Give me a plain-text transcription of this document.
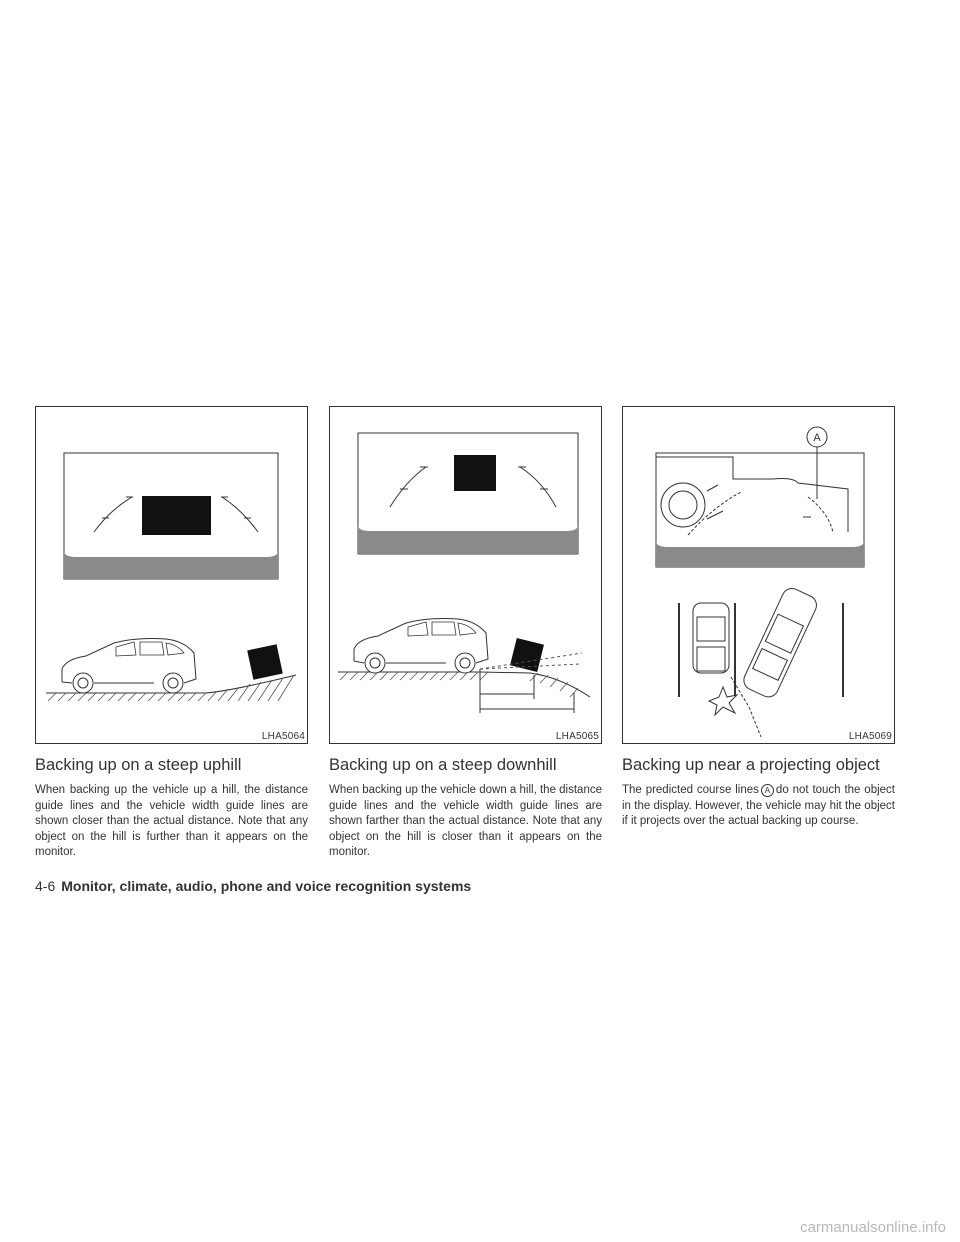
LHA5064
Backing up on a steep uphill

When backing up the vehicle up a hill, the distance guide lines and the vehicle width guide lines are shown closer than the actual distance. Note that any object on the hill is further than it appears on the monitor.

LHA5065
Backing up on a steep downhill

When backing up the vehicle down a hill, the distance guide lines and the vehicle width guide lines are shown farther than the actual distance. Note that any object on the hill is closer than it appears on the monitor.

A
LHA5069
Backing up near a projecting object

The predicted course lines A do not touch the object in the display. However, the vehicle may hit the object if it projects over the actual backing up course.

4-6 Monitor, climate, audio, phone and voice recognition systems
carmanualsonline.info
